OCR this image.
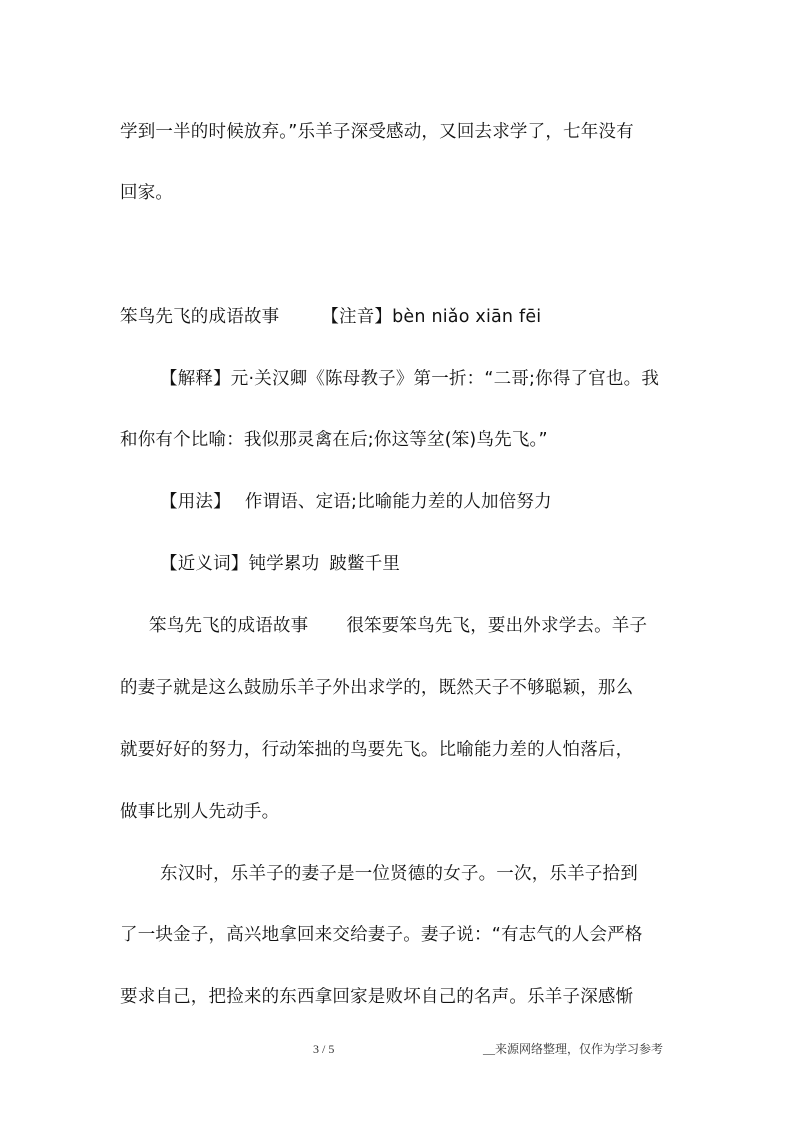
学到一半的时候放弃。”乐羊子深受感动，又回去求学了，七年没有
回家。
笨鸟先飞的成语故事 【注音】bèn niǎo xiān fēi
【解释】元·关汉卿《陈母教子》第一折：“二哥;你得了官也。我
和你有个比喻：我似那灵禽在后;你这等坌(笨)鸟先飞。”
【用法】 作谓语、定语;比喻能力差的人加倍努力
【近义词】钝学累功 跛鳖千里
笨鸟先飞的成语故事 很笨要笨鸟先飞，要出外求学去。羊子
的妻子就是这么鼓励乐羊子外出求学的，既然天子不够聪颖，那么
就要好好的努力，行动笨拙的鸟要先飞。比喻能力差的人怕落后，
做事比别人先动手。
东汉时，乐羊子的妻子是一位贤德的女子。一次，乐羊子拾到
了一块金子，高兴地拿回来交给妻子。妻子说：“有志气的人会严格
要求自己，把捡来的东西拿回家是败坏自己的名声。乐羊子深感惭
3 / 5	__来源网络整理，仅作为学习参考
